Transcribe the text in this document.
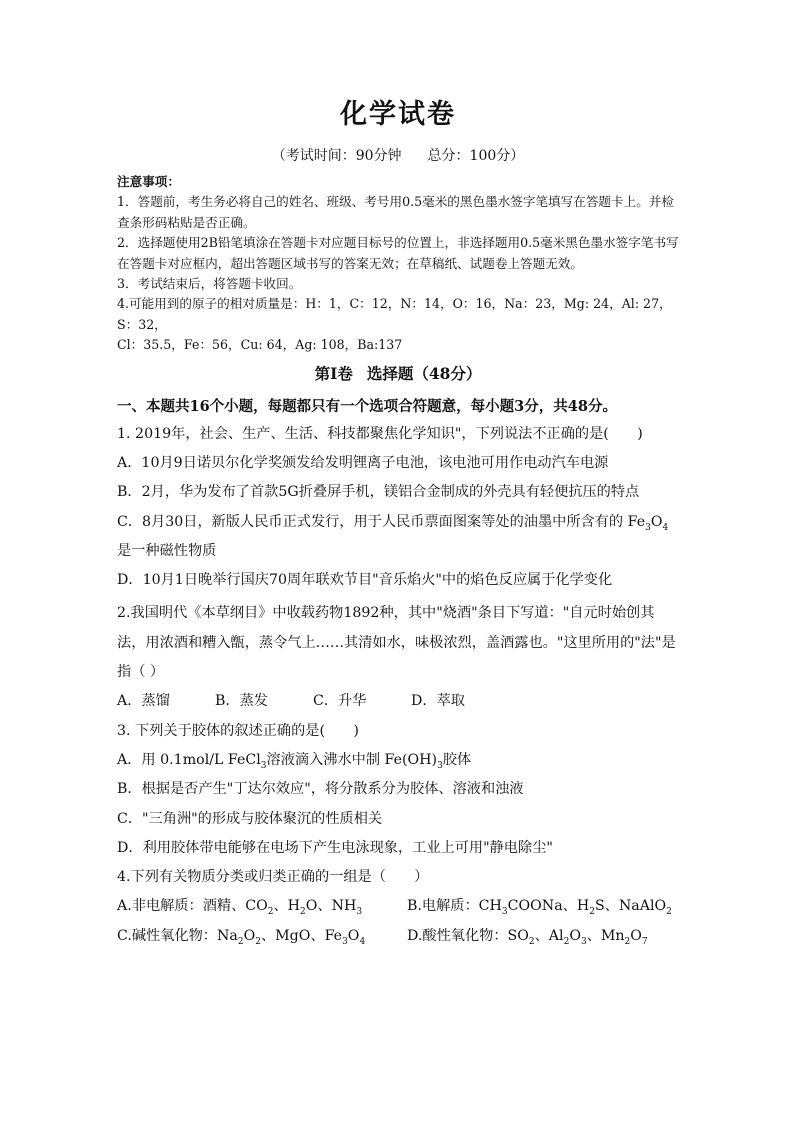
化学试卷
（考试时间：90分钟 总分：100分）

注意事项：

1．答题前，考生务必将自己的姓名、班级、考号用0.5毫米的黑色墨水签字笔填写在答题卡上。并检查条形码粘贴是否正确。

2．选择题使用2B铅笔填涂在答题卡对应题目标号的位置上，非选择题用0.5毫米黑色墨水签字笔书写在答题卡对应框内，超出答题区域书写的答案无效；在草稿纸、试题卷上答题无效。

3．考试结束后，将答题卡收回。

4.可能用到的原子的相对质量是：H：1，C：12，N：14，O：16，Na：23，Mg: 24，Al: 27，S：32，

Cl：35.5，Fe：56，Cu: 64，Ag: 108，Ba:137

第Ⅰ卷 选择题（48分）

一、本题共16个小题，每题都只有一个选项合符题意，每小题3分，共48分。

1. 2019年，社会、生产、生活、科技都聚焦化学知识"，下列说法不正确的是(　　)

A．10月9日诺贝尔化学奖颁发给发明锂离子电池，该电池可用作电动汽车电源

B．2月，华为发布了首款5G折叠屏手机，镁铝合金制成的外壳具有轻便抗压的特点

C．8月30日，新版人民币正式发行，用于人民币票面图案等处的油墨中所含有的 $Fe_3O_4$是一种磁性物质

D．10月1日晚举行国庆70周年联欢节目"音乐焰火"中的焰色反应属于化学变化

2.我国明代《本草纲目》中收载药物1892种，其中"烧酒"条目下写道："自元时始创其法，用浓酒和糟入甑，蒸令气上……其清如水，味极浓烈，盖酒露也。"这里所用的"法"是指（ ）

A．蒸馏	B．蒸发	C．升华	D．萃取

3. 下列关于胶体的叙述正确的是(　　)

A．用 0.1mol/L FeCl$_3$溶液滴入沸水中制 $Fe(OH)_3$胶体

B．根据是否产生"丁达尔效应"，将分散系分为胶体、溶液和浊液

C．"三角洲"的形成与胶体聚沉的性质相关

D．利用胶体带电能够在电场下产生电泳现象，工业上可用"静电除尘"

4.下列有关物质分类或归类正确的一组是（　　）

A.非电解质：酒精、$CO_2$、$H_2O$、$NH_3$	B.电解质：$CH_3COONa$、$H_2S$、NaAlO$_2$
C.碱性氧化物：$Na_2O_2$、MgO、$Fe_3O_4$	D.酸性氧化物：$SO_2$、$Al_2O_3$、$Mn_2O_7$
